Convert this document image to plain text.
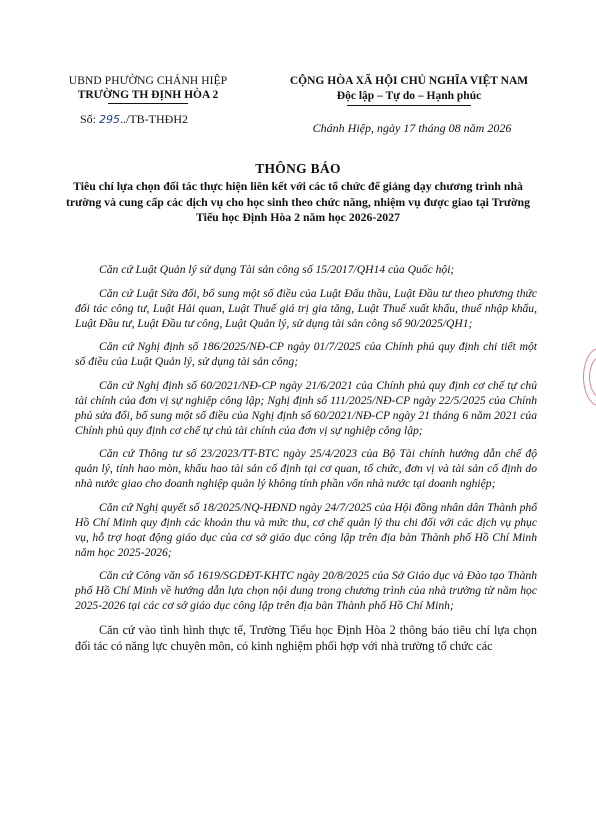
UBND PHƯỜNG CHÁNH HIỆP
TRƯỜNG TH ĐỊNH HÒA 2
Số: 295../TB-THĐH2
CỘNG HÒA XÃ HỘI CHỦ NGHĨA VIỆT NAM
Độc lập – Tự do – Hạnh phúc
Chánh Hiệp, ngày 17 tháng 08 năm 2026
THÔNG BÁO
Tiêu chí lựa chọn đối tác thực hiện liên kết với các tổ chức để giảng dạy chương trình nhà trường và cung cấp các dịch vụ cho học sinh theo chức năng, nhiệm vụ được giao tại Trường Tiểu học Định Hòa 2 năm học 2026-2027

Căn cứ Luật Quản lý sử dụng Tài sản công số 15/2017/QH14 của Quốc hội;

Căn cứ Luật Sửa đổi, bổ sung một số điều của Luật Đấu thầu, Luật Đầu tư theo phương thức đối tác công tư, Luật Hải quan, Luật Thuế giá trị gia tăng, Luật Thuế xuất khẩu, thuế nhập khẩu, Luật Đầu tư, Luật Đầu tư công, Luật Quản lý, sử dụng tài sản công số 90/2025/QH1;

Căn cứ Nghị định số 186/2025/NĐ-CP ngày 01/7/2025 của Chính phủ quy định chi tiết một số điều của Luật Quản lý, sử dụng tài sản công;

Căn cứ Nghị định số 60/2021/NĐ-CP ngày 21/6/2021 của Chính phủ quy định cơ chế tự chủ tài chính của đơn vị sự nghiệp công lập; Nghị định số 111/2025/NĐ-CP ngày 22/5/2025 của Chính phủ sửa đổi, bổ sung một số điều của Nghị định số 60/2021/NĐ-CP ngày 21 tháng 6 năm 2021 của Chính phủ quy định cơ chế tự chủ tài chính của đơn vị sự nghiệp công lập;

Căn cứ Thông tư số 23/2023/TT-BTC ngày 25/4/2023 của Bộ Tài chính hướng dẫn chế độ quản lý, tính hao mòn, khấu hao tài sản cố định tại cơ quan, tổ chức, đơn vị và tài sản cố định do nhà nước giao cho doanh nghiệp quản lý không tính phần vốn nhà nước tại doanh nghiệp;

Căn cứ Nghị quyết số 18/2025/NQ-HĐND ngày 24/7/2025 của Hội đồng nhân dân Thành phố Hồ Chí Minh quy định các khoản thu và mức thu, cơ chế quản lý thu chi đối với các dịch vụ phục vụ, hỗ trợ hoạt động giáo dục của cơ sở giáo dục công lập trên địa bàn Thành phố Hồ Chí Minh năm học 2025-2026;

Căn cứ Công văn số 1619/SGDĐT-KHTC ngày 20/8/2025 của Sở Giáo dục và Đào tạo Thành phố Hồ Chí Minh về hướng dẫn lựa chọn nội dung trong chương trình của nhà trường từ năm học 2025-2026 tại các cơ sở giáo dục công lập trên địa bàn Thành phố Hồ Chí Minh;

Căn cứ vào tình hình thực tế, Trường Tiểu học Định Hòa 2 thông báo tiêu chí lựa chọn đối tác có năng lực chuyên môn, có kinh nghiệm phối hợp với nhà trường tổ chức các
